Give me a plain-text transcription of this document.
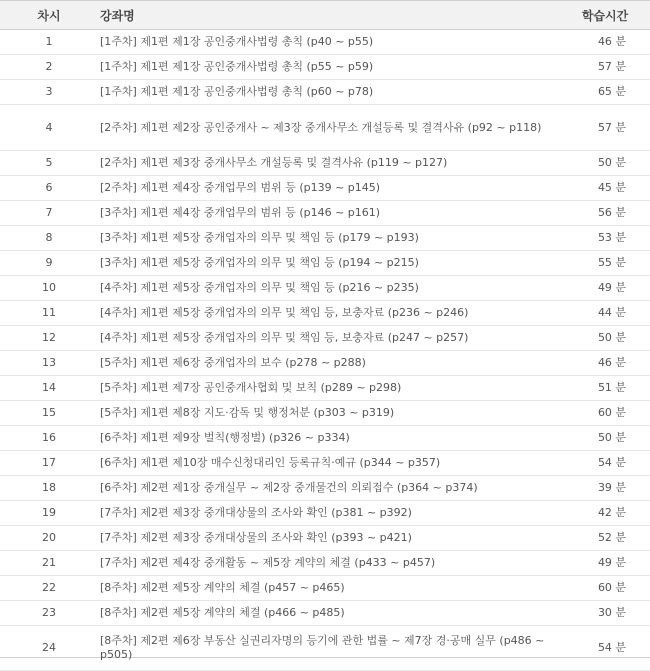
차시	강좌명	학습시간
1	[1주차] 제1편 제1장 공인중개사법령 총칙 (p40 ~ p55)	46 분
2	[1주차] 제1편 제1장 공인중개사법령 총칙 (p55 ~ p59)	57 분
3	[1주차] 제1편 제1장 공인중개사법령 총칙 (p60 ~ p78)	65 분
4	[2주차] 제1편 제2장 공인중개사 ~ 제3장 중개사무소 개설등록 및 결격사유 (p92 ~ p118)	57 분
5	[2주차] 제1편 제3장 중개사무소 개설등록 및 결격사유 (p119 ~ p127)	50 분
6	[2주차] 제1편 제4장 중개업무의 범위 등 (p139 ~ p145)	45 분
7	[3주차] 제1편 제4장 중개업무의 범위 등 (p146 ~ p161)	56 분
8	[3주차] 제1편 제5장 중개업자의 의무 및 책임 등 (p179 ~ p193)	53 분
9	[3주차] 제1편 제5장 중개업자의 의무 및 책임 등 (p194 ~ p215)	55 분
10	[4주차] 제1편 제5장 중개업자의 의무 및 책임 등 (p216 ~ p235)	49 분
11	[4주차] 제1편 제5장 중개업자의 의무 및 책임 등, 보충자료 (p236 ~ p246)	44 분
12	[4주차] 제1편 제5장 중개업자의 의무 및 책임 등, 보충자료 (p247 ~ p257)	50 분
13	[5주차] 제1편 제6장 중개업자의 보수 (p278 ~ p288)	46 분
14	[5주차] 제1편 제7장 공인중개사협회 및 보칙 (p289 ~ p298)	51 분
15	[5주차] 제1편 제8장 지도·감독 및 행정처분 (p303 ~ p319)	60 분
16	[6주차] 제1편 제9장 벌칙(행정벌) (p326 ~ p334)	50 분
17	[6주차] 제1편 제10장 매수신청대리인 등록규칙·예규 (p344 ~ p357)	54 분
18	[6주차] 제2편 제1장 중개실무 ~ 제2장 중개물건의 의뢰접수 (p364 ~ p374)	39 분
19	[7주차] 제2편 제3장 중개대상물의 조사와 확인 (p381 ~ p392)	42 분
20	[7주차] 제2편 제3장 중개대상물의 조사와 확인 (p393 ~ p421)	52 분
21	[7주차] 제2편 제4장 중개활동 ~ 제5장 계약의 체결 (p433 ~ p457)	49 분
22	[8주차] 제2편 제5장 계약의 체결 (p457 ~ p465)	60 분
23	[8주차] 제2편 제5장 계약의 체결 (p466 ~ p485)	30 분
24	[8주차] 제2편 제6장 부동산 실권리자명의 등기에 관한 법률 ~ 제7장 경·공매 실무 (p486 ~ p505)	54 분
